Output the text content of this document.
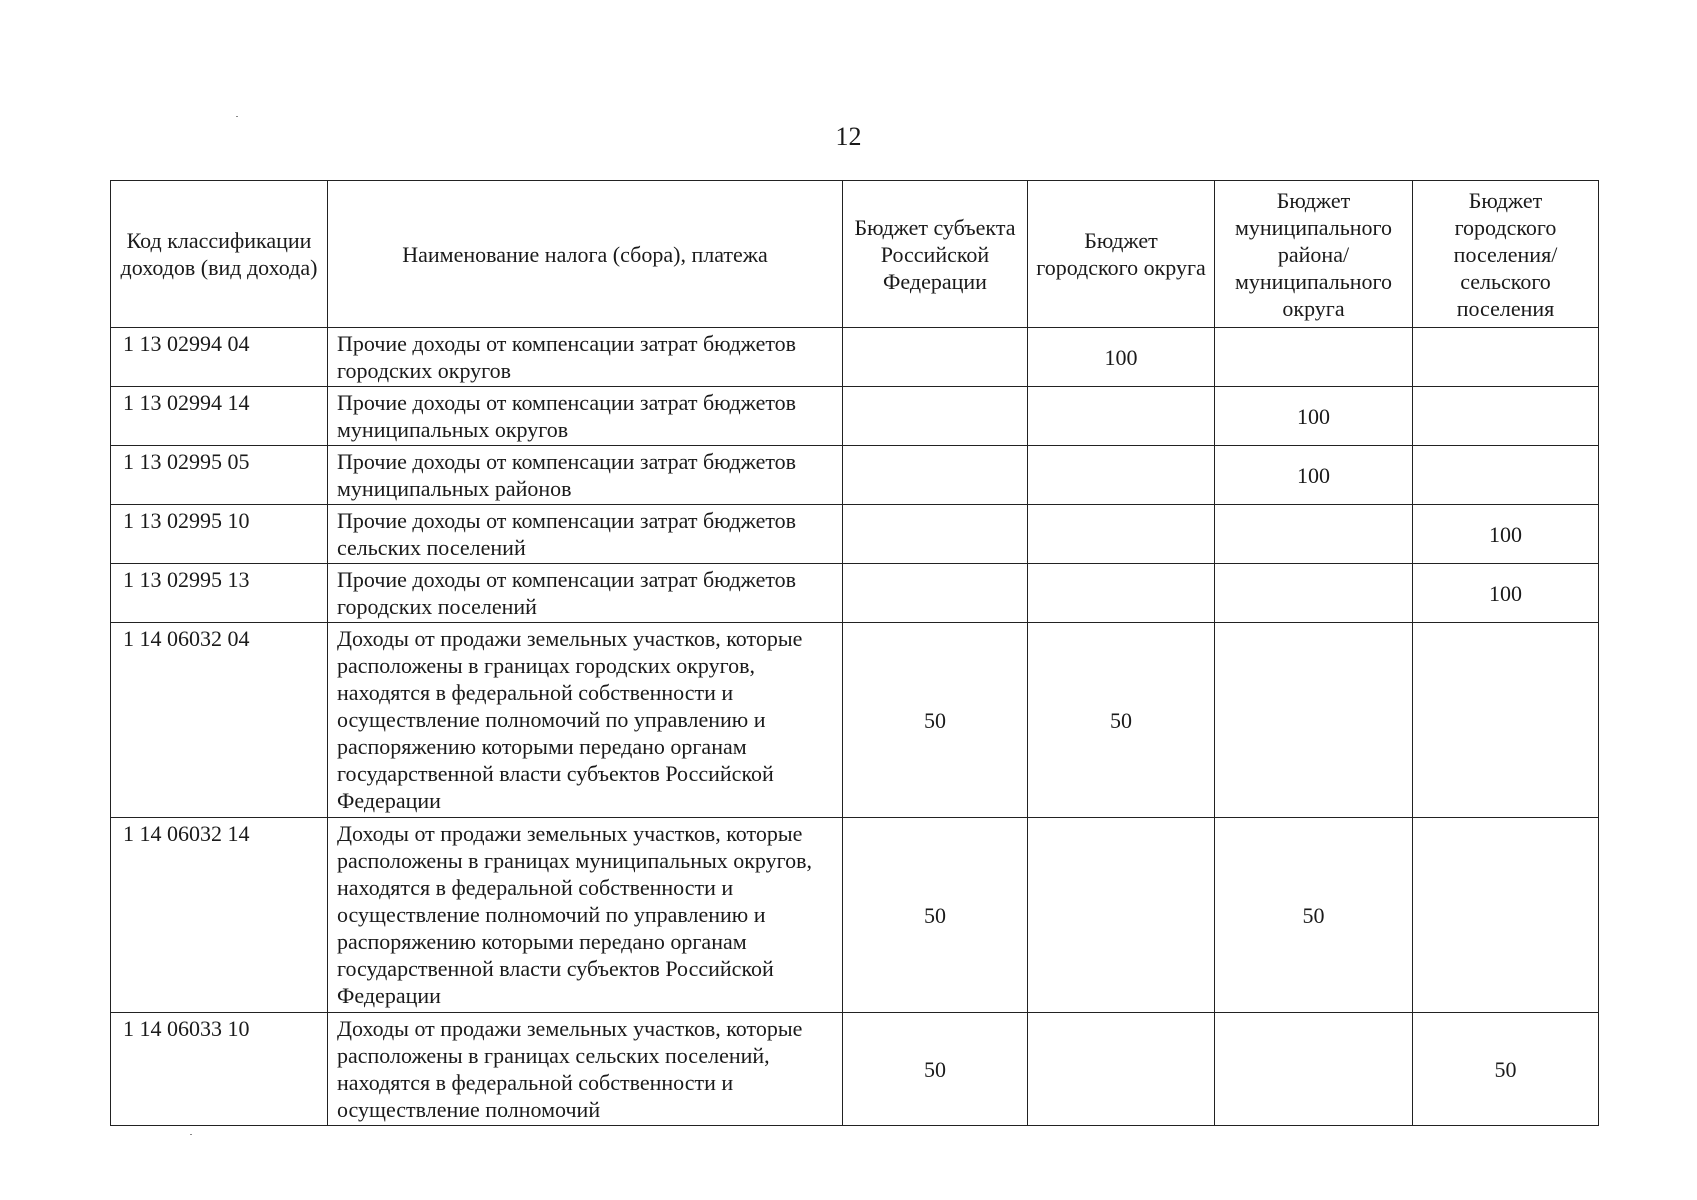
12
Код классификации доходов (вид дохода)	Наименование налога (сбора), платежа	Бюджет субъекта Российской Федерации	Бюджет городского округа	Бюджет муниципального района/ муниципального округа	Бюджет городского поселения/ сельского поселения
1 13 02994 04	Прочие доходы от компенсации затрат бюджетов городских округов		100		
1 13 02994 14	Прочие доходы от компенсации затрат бюджетов муниципальных округов			100	
1 13 02995 05	Прочие доходы от компенсации затрат бюджетов муниципальных районов			100	
1 13 02995 10	Прочие доходы от компенсации затрат бюджетов сельских поселений				100
1 13 02995 13	Прочие доходы от компенсации затрат бюджетов городских поселений				100
1 14 06032 04	Доходы от продажи земельных участков, которые расположены в границах городских округов, находятся в федеральной собственности и осуществление полномочий по управлению и распоряжению которыми передано органам государственной власти субъектов Российской Федерации	50	50		
1 14 06032 14	Доходы от продажи земельных участков, которые расположены в границах муниципальных округов, находятся в федеральной собственности и осуществление полномочий по управлению и распоряжению которыми передано органам государственной власти субъектов Российской Федерации	50		50	
1 14 06033 10	Доходы от продажи земельных участков, которые расположены в границах сельских поселений, находятся в федеральной собственности и осуществление полномочий	50			50
